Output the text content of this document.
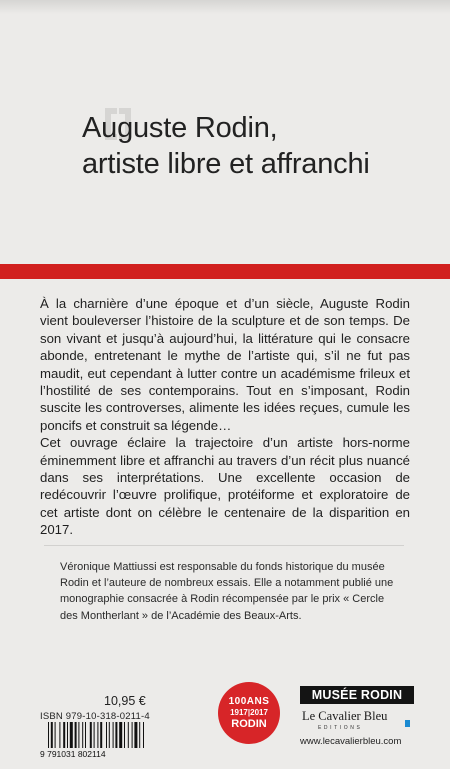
Auguste Rodin,
artiste libre et affranchi

À la charnière d’une époque et d’un siècle, Auguste Rodin vient bouleverser l’histoire de la sculpture et de son temps. De son vivant et jusqu’à aujourd’hui, la littérature qui le consacre abonde, entretenant le mythe de l’artiste qui, s’il ne fut pas maudit, eut cependant à lutter contre un académisme frileux et l’hostilité de ses contemporains. Tout en s’imposant, Rodin suscite les controverses, alimente les idées reçues, cumule les poncifs et construit sa légende…

Cet ouvrage éclaire la trajectoire d’un artiste hors-norme éminemment libre et affranchi au travers d’un récit plus nuancé dans ses interprétations. Une excellente occasion de redécouvrir l’œuvre prolifique, protéiforme et exploratoire de cet artiste dont on célèbre le centenaire de la disparition en 2017.

Véronique Mattiussi est responsable du fonds historique du musée Rodin et l’auteure de nombreux essais. Elle a notamment publié une monographie consacrée à Rodin récompensée par le prix « Cercle des Montherlant » de l’Académie des Beaux-Arts.
10,95 €
ISBN 979-10-318-0211-4
9 791031 802114
100ANS
1917|2017
RODIN
MUSÉE RODIN
Le Cavalier Bleu
EDITIONS
www.lecavalierbleu.com
